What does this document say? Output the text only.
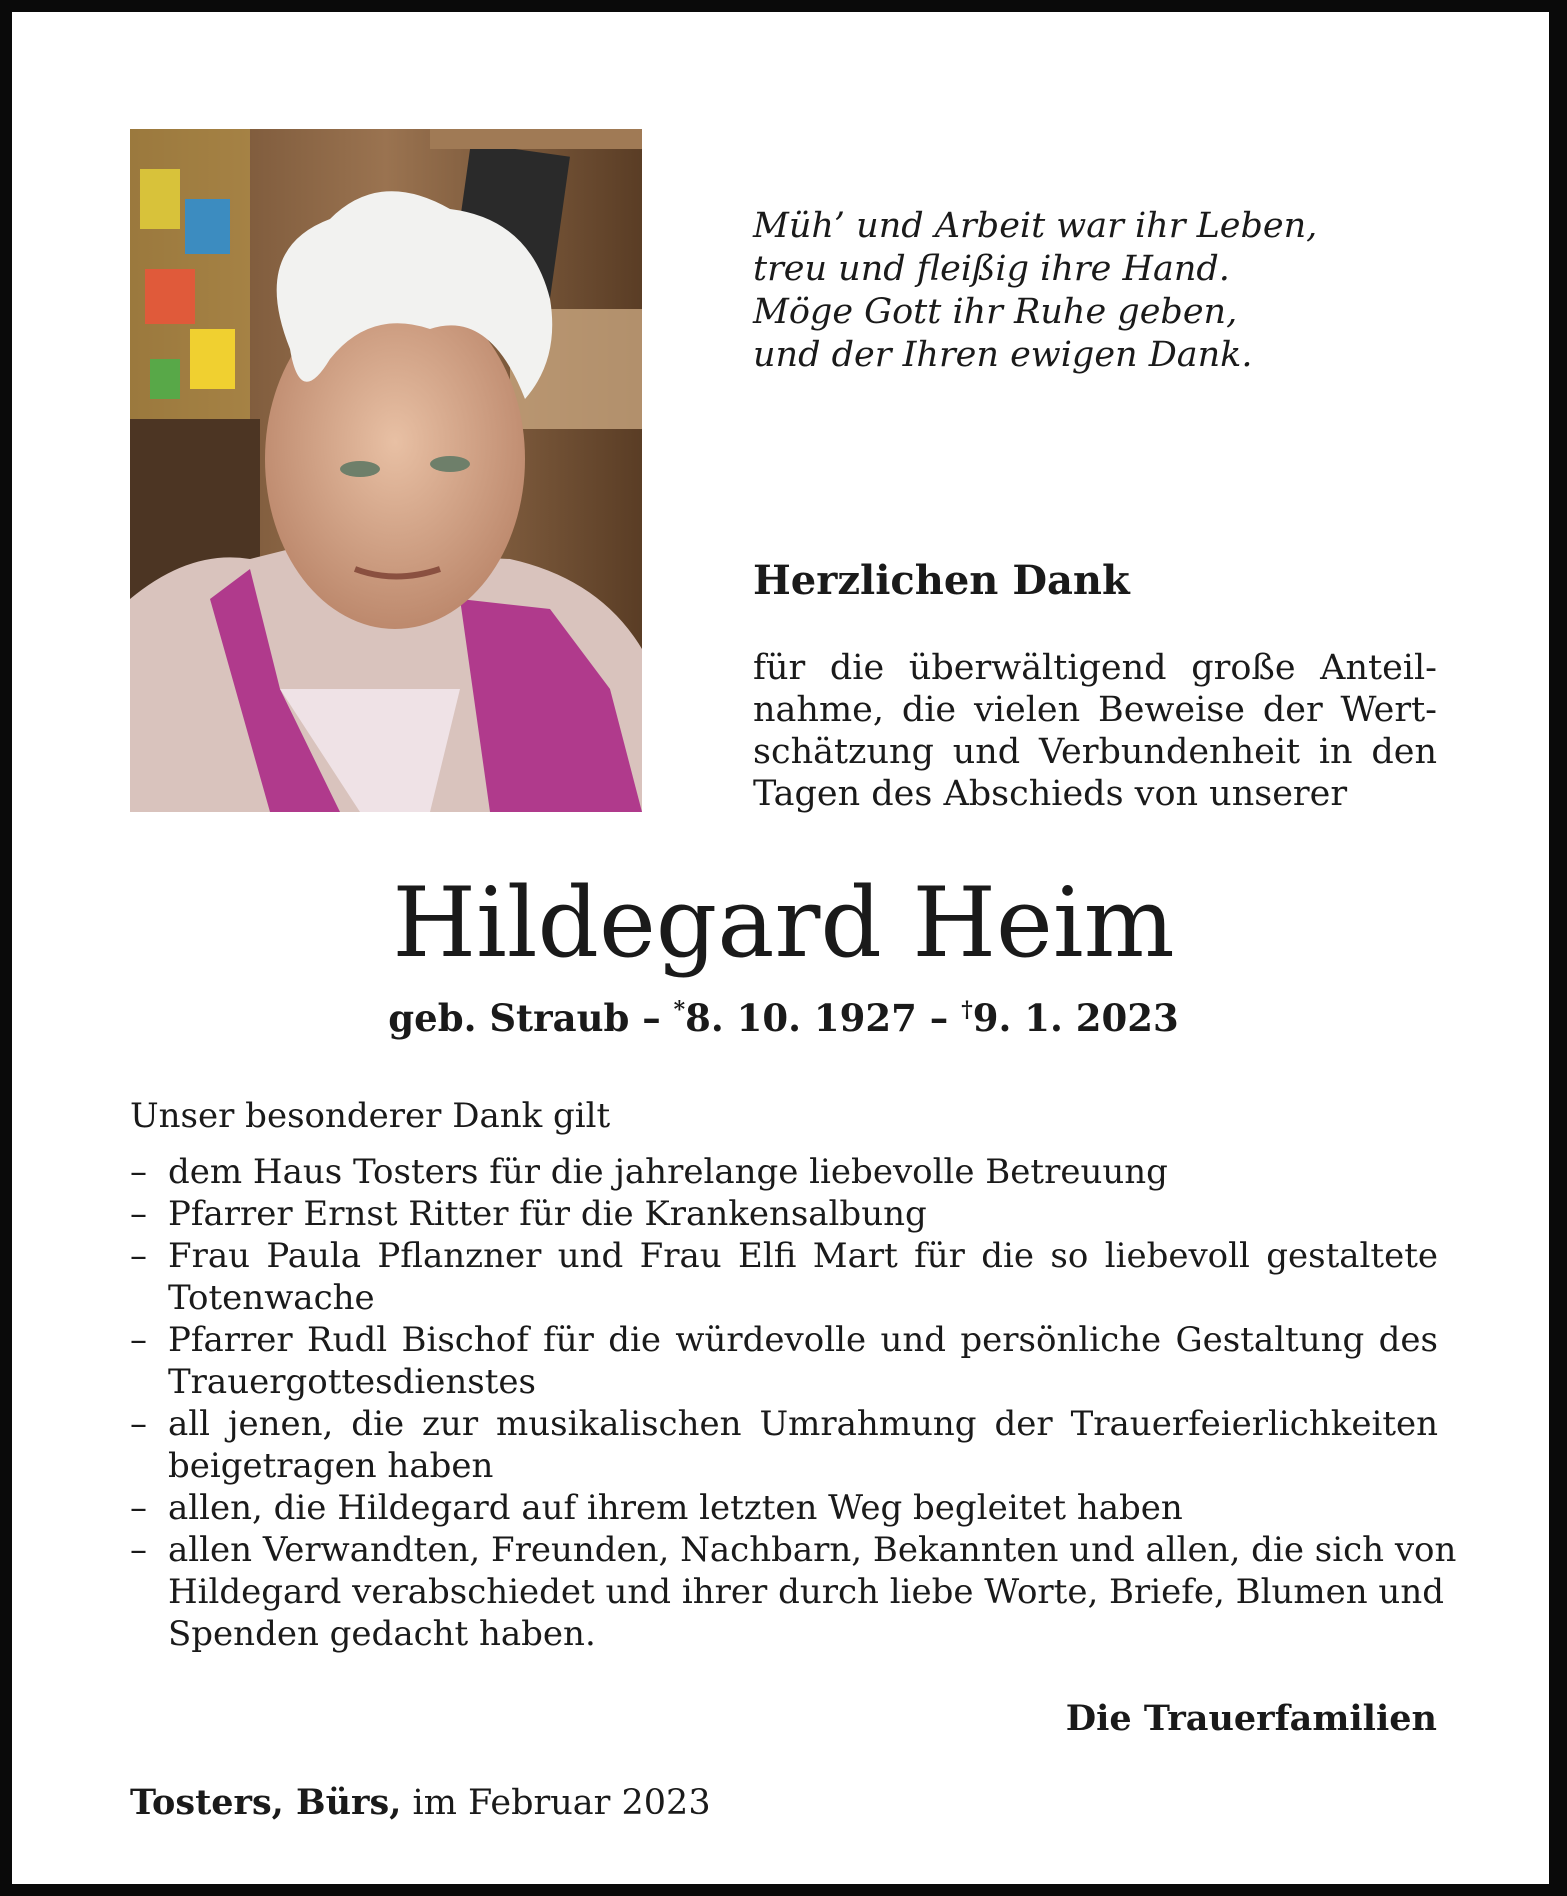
Müh’ und Arbeit war ihr Leben,
treu und fleißig ihre Hand.
Möge Gott ihr Ruhe geben,
und der Ihren ewigen Dank.
Herzlichen Dank

für die überwältigend große Anteil-
nahme, die vielen Beweise der Wert-
schätzung und Verbundenheit in den
Tagen des Abschieds von unserer

Hildegard Heim
geb. Straub – *8. 10. 1927 – †9. 1. 2023

Unser besonderer Dank gilt

– dem Haus Tosters für die jahrelange liebevolle Betreuung
– Pfarrer Ernst Ritter für die Krankensalbung
– Frau Paula Pflanzner und Frau Elfi Mart für die so liebevoll gestaltete
Totenwache
– Pfarrer Rudl Bischof für die würdevolle und persönliche Gestaltung des
Trauergottesdienstes
– all jenen, die zur musikalischen Umrahmung der Trauerfeierlichkeiten
beigetragen haben
– allen, die Hildegard auf ihrem letzten Weg begleitet haben
– allen Verwandten, Freunden, Nachbarn, Bekannten und allen, die sich von
Hildegard verabschiedet und ihrer durch liebe Worte, Briefe, Blumen und
Spenden gedacht haben.

Die Trauerfamilien

Tosters, Bürs, im Februar 2023
